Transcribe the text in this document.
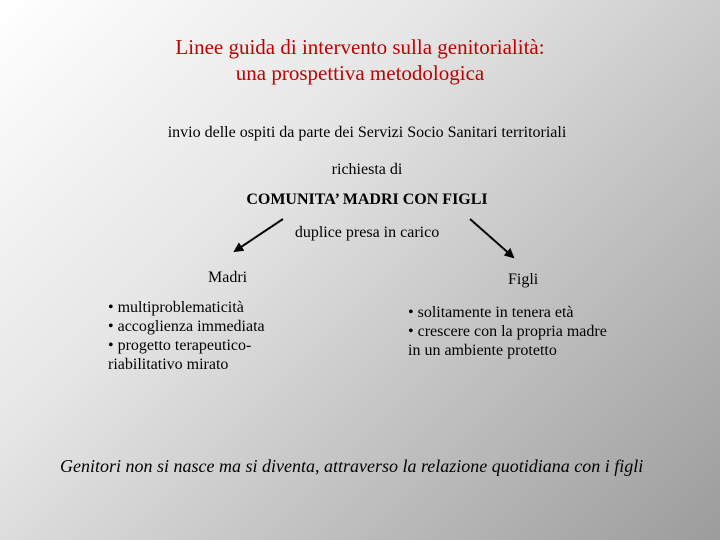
Linee guida di intervento sulla genitorialità:
una prospettiva metodologica
invio delle ospiti da parte dei Servizi Socio Sanitari territoriali
richiesta di
COMUNITA’ MADRI CON FIGLI
duplice presa in carico
Madri	Figli
• multiproblematicità
• accoglienza immediata
• progetto terapeutico-
riabilitativo mirato
• solitamente in tenera età
• crescere con la propria madre
in un ambiente protetto
Genitori non si nasce ma si diventa, attraverso la relazione quotidiana con i figli
